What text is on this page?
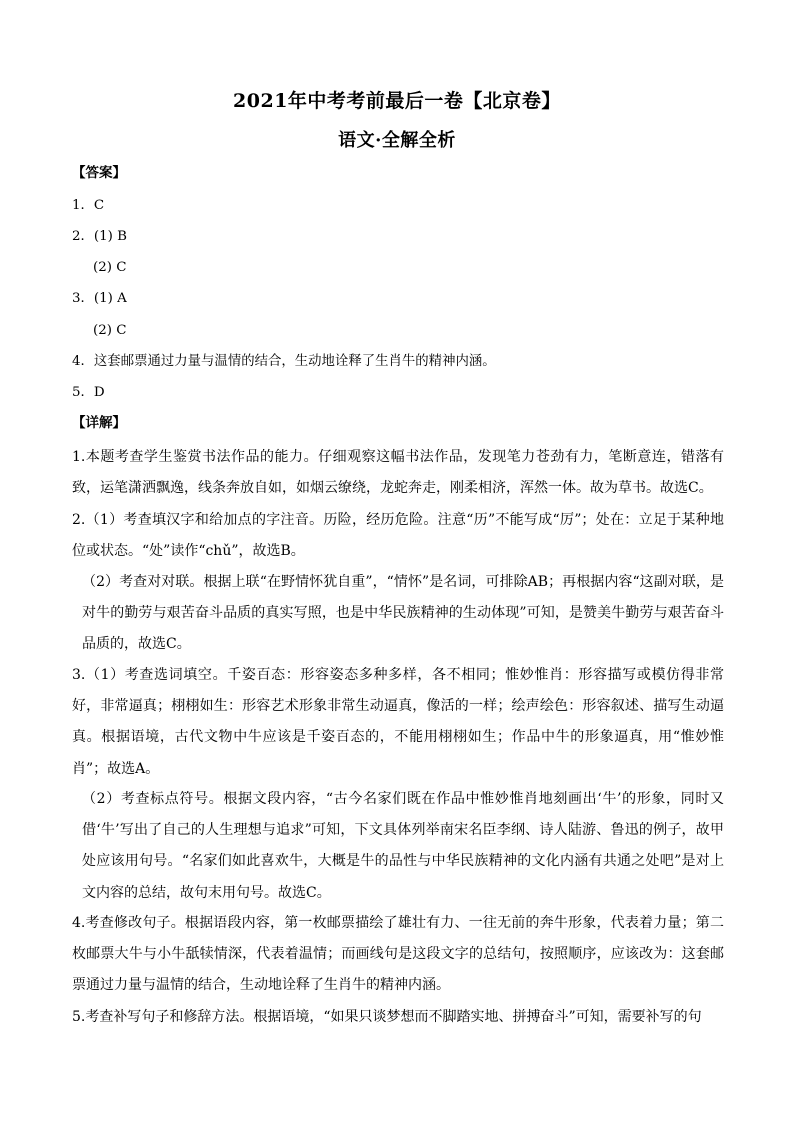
2021年中考考前最后一卷【北京卷】
语文·全解全析
【答案】
1．C
2．(1) B
(2) C
3．(1) A
(2) C
4．这套邮票通过力量与温情的结合，生动地诠释了生肖牛的精神内涵。
5．D
【详解】
1.本题考查学生鉴赏书法作品的能力。仔细观察这幅书法作品，发现笔力苍劲有力，笔断意连，错落有致，运笔潇洒飘逸，线条奔放自如，如烟云缭绕，龙蛇奔走，刚柔相济，浑然一体。故为草书。故选C。
2.（1）考查填汉字和给加点的字注音。历险，经历危险。注意“历”不能写成“厉”；处在：立足于某种地位或状态。“处”读作“chǔ”，故选B。
（2）考查对对联。根据上联“在野情怀犹自重”，“情怀”是名词，可排除AB；再根据内容“这副对联，是对牛的勤劳与艰苦奋斗品质的真实写照，也是中华民族精神的生动体现”可知，是赞美牛勤劳与艰苦奋斗品质的，故选C。
3.（1）考查选词填空。千姿百态：形容姿态多种多样，各不相同；惟妙惟肖：形容描写或模仿得非常好，非常逼真；栩栩如生：形容艺术形象非常生动逼真，像活的一样；绘声绘色：形容叙述、描写生动逼真。根据语境，古代文物中牛应该是千姿百态的，不能用栩栩如生；作品中牛的形象逼真，用“惟妙惟肖”；故选A。
（2）考查标点符号。根据文段内容，“古今名家们既在作品中惟妙惟肖地刻画出‘牛’的形象，同时又借‘牛’写出了自己的人生理想与追求”可知，下文具体列举南宋名臣李纲、诗人陆游、鲁迅的例子，故甲处应该用句号。“名家们如此喜欢牛，大概是牛的品性与中华民族精神的文化内涵有共通之处吧”是对上文内容的总结，故句末用句号。故选C。
4.考查修改句子。根据语段内容，第一枚邮票描绘了雄壮有力、一往无前的奔牛形象，代表着力量；第二枚邮票大牛与小牛舐犊情深，代表着温情；而画线句是这段文字的总结句，按照顺序，应该改为：这套邮票通过力量与温情的结合，生动地诠释了生肖牛的精神内涵。
5.考查补写句子和修辞方法。根据语境，“如果只谈梦想而不脚踏实地、拼搏奋斗”可知，需要补写的句
